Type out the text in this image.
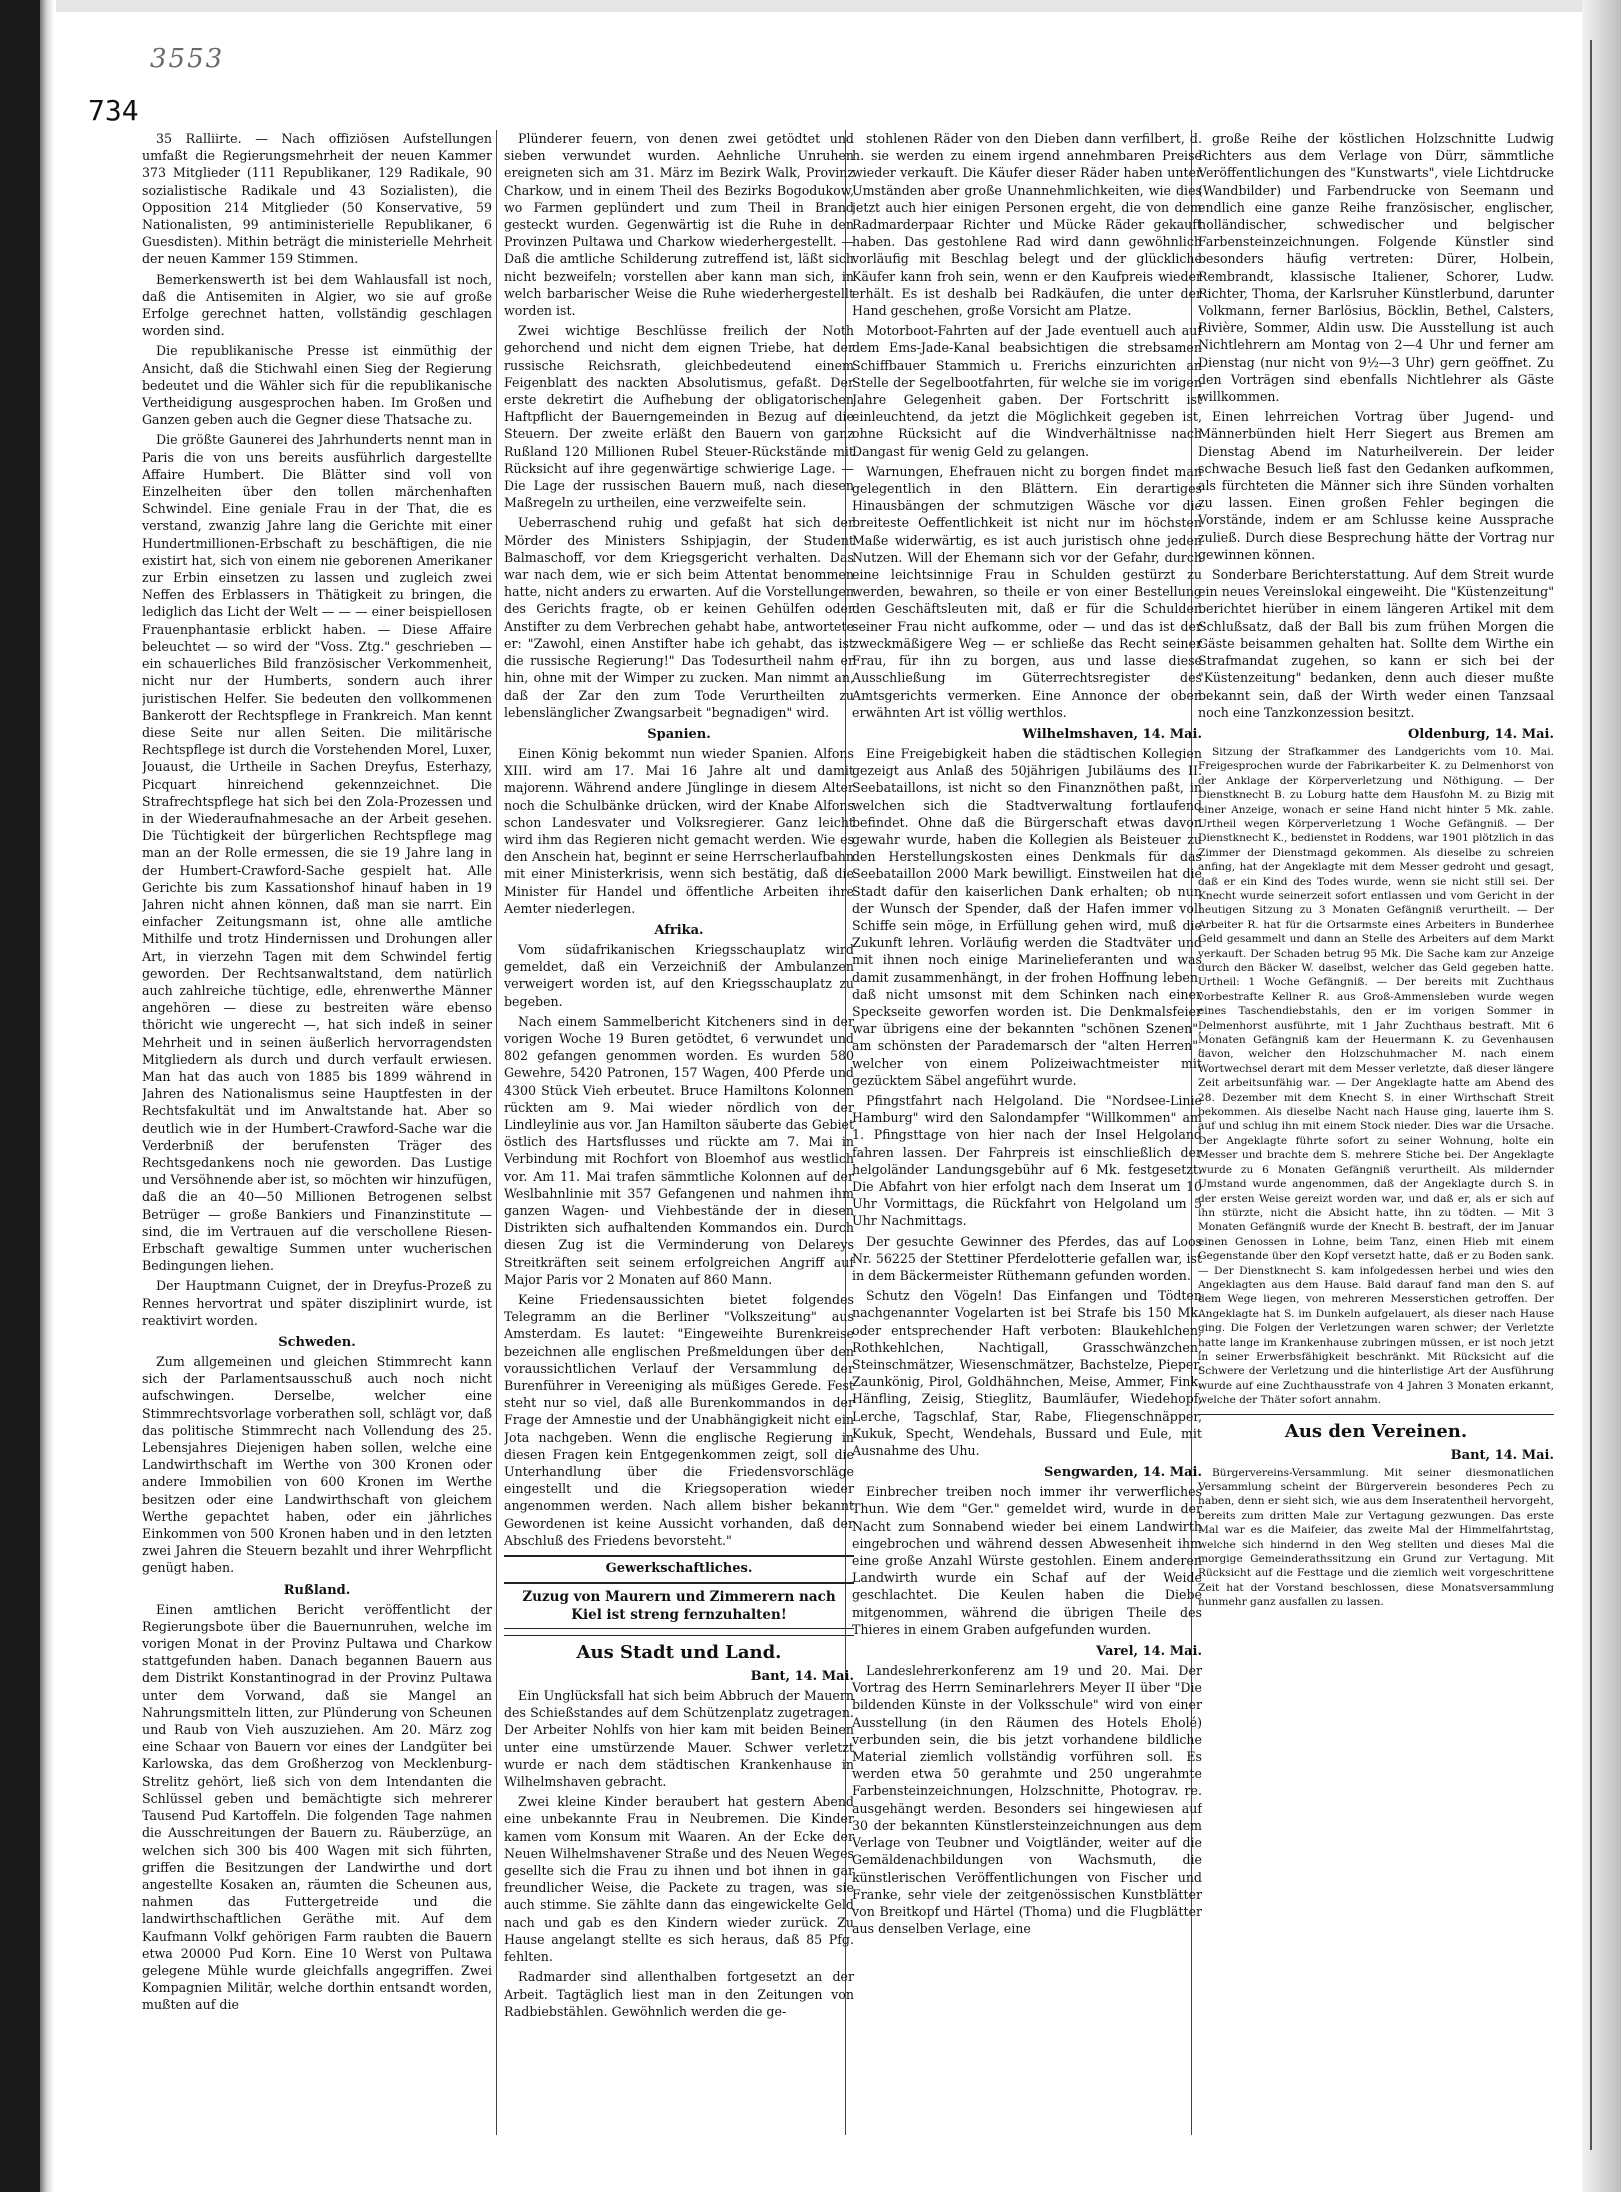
3553
734

35 Ralliirte. — Nach offiziösen Aufstellungen umfaßt die Regierungsmehrheit der neuen Kammer 373 Mitglieder (111 Republikaner, 129 Radikale, 90 sozialistische Radikale und 43 Sozialisten), die Opposition 214 Mitglieder (50 Konservative, 59 Nationalisten, 99 antiministerielle Republikaner, 6 Guesdisten). Mithin beträgt die ministerielle Mehrheit der neuen Kammer 159 Stimmen.

Bemerkenswerth ist bei dem Wahlausfall ist noch, daß die Antisemiten in Algier, wo sie auf große Erfolge gerechnet hatten, vollständig geschlagen worden sind.

Die republikanische Presse ist einmüthig der Ansicht, daß die Stichwahl einen Sieg der Regierung bedeutet und die Wähler sich für die republikanische Vertheidigung ausgesprochen haben. Im Großen und Ganzen geben auch die Gegner diese Thatsache zu.

Die größte Gaunerei des Jahrhunderts nennt man in Paris die von uns bereits ausführlich dargestellte Affaire Humbert. Die Blätter sind voll von Einzelheiten über den tollen märchenhaften Schwindel. Eine geniale Frau in der That, die es verstand, zwanzig Jahre lang die Gerichte mit einer Hundertmillionen-Erbschaft zu beschäftigen, die nie existirt hat, sich von einem nie geborenen Amerikaner zur Erbin einsetzen zu lassen und zugleich zwei Neffen des Erblassers in Thätigkeit zu bringen, die lediglich das Licht der Welt — — — einer beispiellosen Frauenphantasie erblickt haben. — Diese Affaire beleuchtet — so wird der "Voss. Ztg." geschrieben — ein schauerliches Bild französischer Verkommenheit, nicht nur der Humberts, sondern auch ihrer juristischen Helfer. Sie bedeuten den vollkommenen Bankerott der Rechtspflege in Frankreich. Man kennt diese Seite nur allen Seiten. Die militärische Rechtspflege ist durch die Vorstehenden Morel, Luxer, Jouaust, die Urtheile in Sachen Dreyfus, Esterhazy, Picquart hinreichend gekennzeichnet. Die Strafrechtspflege hat sich bei den Zola-Prozessen und in der Wiederaufnahmesache an der Arbeit gesehen. Die Tüchtigkeit der bürgerlichen Rechtspflege mag man an der Rolle ermessen, die sie 19 Jahre lang in der Humbert-Crawford-Sache gespielt hat. Alle Gerichte bis zum Kassationshof hinauf haben in 19 Jahren nicht ahnen können, daß man sie narrt. Ein einfacher Zeitungsmann ist, ohne alle amtliche Mithilfe und trotz Hindernissen und Drohungen aller Art, in vierzehn Tagen mit dem Schwindel fertig geworden. Der Rechtsanwaltstand, dem natürlich auch zahlreiche tüchtige, edle, ehrenwerthe Männer angehören — diese zu bestreiten wäre ebenso thöricht wie ungerecht —, hat sich indeß in seiner Mehrheit und in seinen äußerlich hervorragendsten Mitgliedern als durch und durch verfault erwiesen. Man hat das auch von 1885 bis 1899 während in Jahren des Nationalismus seine Hauptfesten in der Rechtsfakultät und im Anwaltstande hat. Aber so deutlich wie in der Humbert-Crawford-Sache war die Verderbniß der berufensten Träger des Rechtsgedankens noch nie geworden. Das Lustige und Versöhnende aber ist, so möchten wir hinzufügen, daß die an 40—50 Millionen Betrogenen selbst Betrüger — große Bankiers und Finanzinstitute — sind, die im Vertrauen auf die verschollene Riesen-Erbschaft gewaltige Summen unter wucherischen Bedingungen liehen.

Der Hauptmann Cuignet, der in Dreyfus-Prozeß zu Rennes hervortrat und später disziplinirt wurde, ist reaktivirt worden.

Schweden.

Zum allgemeinen und gleichen Stimmrecht kann sich der Parlamentsausschuß auch noch nicht aufschwingen. Derselbe, welcher eine Stimmrechtsvorlage vorberathen soll, schlägt vor, daß das politische Stimmrecht nach Vollendung des 25. Lebensjahres Diejenigen haben sollen, welche eine Landwirthschaft im Werthe von 300 Kronen oder andere Immobilien von 600 Kronen im Werthe besitzen oder eine Landwirthschaft von gleichem Werthe gepachtet haben, oder ein jährliches Einkommen von 500 Kronen haben und in den letzten zwei Jahren die Steuern bezahlt und ihrer Wehrpflicht genügt haben.

Rußland.

Einen amtlichen Bericht veröffentlicht der Regierungsbote über die Bauernunruhen, welche im vorigen Monat in der Provinz Pultawa und Charkow stattgefunden haben. Danach begannen Bauern aus dem Distrikt Konstantinograd in der Provinz Pultawa unter dem Vorwand, daß sie Mangel an Nahrungsmitteln litten, zur Plünderung von Scheunen und Raub von Vieh auszuziehen. Am 20. März zog eine Schaar von Bauern vor eines der Landgüter bei Karlowska, das dem Großherzog von Mecklenburg-Strelitz gehört, ließ sich von dem Intendanten die Schlüssel geben und bemächtigte sich mehrerer Tausend Pud Kartoffeln. Die folgenden Tage nahmen die Ausschreitungen der Bauern zu. Räuberzüge, an welchen sich 300 bis 400 Wagen mit sich führten, griffen die Besitzungen der Landwirthe und dort angestellte Kosaken an, räumten die Scheunen aus, nahmen das Futtergetreide und die landwirthschaftlichen Geräthe mit. Auf dem Kaufmann Volkf gehörigen Farm raubten die Bauern etwa 20000 Pud Korn. Eine 10 Werst von Pultawa gelegene Mühle wurde gleichfalls angegriffen. Zwei Kompagnien Militär, welche dorthin entsandt worden, mußten auf die

Plünderer feuern, von denen zwei getödtet und sieben verwundet wurden. Aehnliche Unruhen ereigneten sich am 31. März im Bezirk Walk, Provinz Charkow, und in einem Theil des Bezirks Bogodukow, wo Farmen geplündert und zum Theil in Brand gesteckt wurden. Gegenwärtig ist die Ruhe in den Provinzen Pultawa und Charkow wiederhergestellt. — Daß die amtliche Schilderung zutreffend ist, läßt sich nicht bezweifeln; vorstellen aber kann man sich, in welch barbarischer Weise die Ruhe wiederhergestellt worden ist.

Zwei wichtige Beschlüsse freilich der Noth gehorchend und nicht dem eignen Triebe, hat der russische Reichsrath, gleichbedeutend einem Feigenblatt des nackten Absolutismus, gefaßt. Der erste dekretirt die Aufhebung der obligatorischen Haftpflicht der Bauerngemeinden in Bezug auf die Steuern. Der zweite erläßt den Bauern von ganz Rußland 120 Millionen Rubel Steuer-Rückstände mit Rücksicht auf ihre gegenwärtige schwierige Lage. — Die Lage der russischen Bauern muß, nach diesen Maßregeln zu urtheilen, eine verzweifelte sein.

Ueberraschend ruhig und gefaßt hat sich der Mörder des Ministers Sshipjagin, der Student Balmaschoff, vor dem Kriegsgericht verhalten. Das war nach dem, wie er sich beim Attentat benommen hatte, nicht anders zu erwarten. Auf die Vorstellungen des Gerichts fragte, ob er keinen Gehülfen oder Anstifter zu dem Verbrechen gehabt habe, antwortete er: "Zawohl, einen Anstifter habe ich gehabt, das ist die russische Regierung!" Das Todesurtheil nahm er hin, ohne mit der Wimper zu zucken. Man nimmt an, daß der Zar den zum Tode Verurtheilten zu lebenslänglicher Zwangsarbeit "begnadigen" wird.

Spanien.

Einen König bekommt nun wieder Spanien. Alfons XIII. wird am 17. Mai 16 Jahre alt und damit majorenn. Während andere Jünglinge in diesem Alter noch die Schulbänke drücken, wird der Knabe Alfons schon Landesvater und Volksregierer. Ganz leicht wird ihm das Regieren nicht gemacht werden. Wie es den Anschein hat, beginnt er seine Herrscherlaufbahn mit einer Ministerkrisis, wenn sich bestätig, daß die Minister für Handel und öffentliche Arbeiten ihre Aemter niederlegen.

Afrika.

Vom südafrikanischen Kriegsschauplatz wird gemeldet, daß ein Verzeichniß der Ambulanzen verweigert worden ist, auf den Kriegsschauplatz zu begeben.

Nach einem Sammelbericht Kitcheners sind in der vorigen Woche 19 Buren getödtet, 6 verwundet und 802 gefangen genommen worden. Es wurden 580 Gewehre, 5420 Patronen, 157 Wagen, 400 Pferde und 4300 Stück Vieh erbeutet. Bruce Hamiltons Kolonnen rückten am 9. Mai wieder nördlich von der Lindleylinie aus vor. Jan Hamilton säuberte das Gebiet östlich des Hartsflusses und rückte am 7. Mai in Verbindung mit Rochfort von Bloemhof aus westlich vor. Am 11. Mai trafen sämmtliche Kolonnen auf der Weslbahnlinie mit 357 Gefangenen und nahmen ihm ganzen Wagen- und Viehbestände der in diesen Distrikten sich aufhaltenden Kommandos ein. Durch diesen Zug ist die Verminderung von Delareys Streitkräften seit seinem erfolgreichen Angriff auf Major Paris vor 2 Monaten auf 860 Mann.

Keine Friedensaussichten bietet folgendes Telegramm an die Berliner "Volkszeitung" aus Amsterdam. Es lautet: "Eingeweihte Burenkreise bezeichnen alle englischen Preßmeldungen über den voraussichtlichen Verlauf der Versammlung der Burenführer in Vereeniging als müßiges Gerede. Fest steht nur so viel, daß alle Burenkommandos in der Frage der Amnestie und der Unabhängigkeit nicht ein Jota nachgeben. Wenn die englische Regierung in diesen Fragen kein Entgegenkommen zeigt, soll die Unterhandlung über die Friedensvorschläge eingestellt und die Kriegsoperation wieder angenommen werden. Nach allem bisher bekannt Gewordenen ist keine Aussicht vorhanden, daß der Abschluß des Friedens bevorsteht."

Gewerkschaftliches.
Zuzug von Maurern und Zimmerern nach Kiel ist streng fernzuhalten!
Aus Stadt und Land.
Bant, 14. Mai.

Ein Unglücksfall hat sich beim Abbruch der Mauern des Schießstandes auf dem Schützenplatz zugetragen. Der Arbeiter Nohlfs von hier kam mit beiden Beinen unter eine umstürzende Mauer. Schwer verletzt wurde er nach dem städtischen Krankenhause in Wilhelmshaven gebracht.

Zwei kleine Kinder beraubert hat gestern Abend eine unbekannte Frau in Neubremen. Die Kinder kamen vom Konsum mit Waaren. An der Ecke der Neuen Wilhelmshavener Straße und des Neuen Weges gesellte sich die Frau zu ihnen und bot ihnen in gar freundlicher Weise, die Packete zu tragen, was sie auch stimme. Sie zählte dann das eingewickelte Geld nach und gab es den Kindern wieder zurück. Zu Hause angelangt stellte es sich heraus, daß 85 Pfg. fehlten.

Radmarder sind allenthalben fortgesetzt an der Arbeit. Tagtäglich liest man in den Zeitungen von Radbiebstählen. Gewöhnlich werden die ge-

stohlenen Räder von den Dieben dann verfilbert, d. h. sie werden zu einem irgend annehmbaren Preise wieder verkauft. Die Käufer dieser Räder haben unter Umständen aber große Unannehmlichkeiten, wie dies jetzt auch hier einigen Personen ergeht, die von dem Radmarderpaar Richter und Mücke Räder gekauft haben. Das gestohlene Rad wird dann gewöhnlich vorläufig mit Beschlag belegt und der glückliche Käufer kann froh sein, wenn er den Kaufpreis wieder erhält. Es ist deshalb bei Radkäufen, die unter der Hand geschehen, große Vorsicht am Platze.

Motorboot-Fahrten auf der Jade eventuell auch auf dem Ems-Jade-Kanal beabsichtigen die strebsamen Schiffbauer Stammich u. Frerichs einzurichten an Stelle der Segelbootfahrten, für welche sie im vorigen Jahre Gelegenheit gaben. Der Fortschritt ist einleuchtend, da jetzt die Möglichkeit gegeben ist, ohne Rücksicht auf die Windverhältnisse nach Dangast für wenig Geld zu gelangen.

Warnungen, Ehefrauen nicht zu borgen findet man gelegentlich in den Blättern. Ein derartiges Hinausbängen der schmutzigen Wäsche vor die breiteste Oeffentlichkeit ist nicht nur im höchsten Maße widerwärtig, es ist auch juristisch ohne jeden Nutzen. Will der Ehemann sich vor der Gefahr, durch eine leichtsinnige Frau in Schulden gestürzt zu werden, bewahren, so theile er von einer Bestellung den Geschäftsleuten mit, daß er für die Schulden seiner Frau nicht aufkomme, oder — und das ist der zweckmäßigere Weg — er schließe das Recht seiner Frau, für ihn zu borgen, aus und lasse diese Ausschließung im Güterrechtsregister des Amtsgerichts vermerken. Eine Annonce der oben erwähnten Art ist völlig werthlos.

Wilhelmshaven, 14. Mai.

Eine Freigebigkeit haben die städtischen Kollegien gezeigt aus Anlaß des 50jährigen Jubiläums des II. Seebataillons, ist nicht so den Finanznöthen paßt, in welchen sich die Stadtverwaltung fortlaufend befindet. Ohne daß die Bürgerschaft etwas davon gewahr wurde, haben die Kollegien als Beisteuer zu den Herstellungskosten eines Denkmals für das Seebataillon 2000 Mark bewilligt. Einstweilen hat die Stadt dafür den kaiserlichen Dank erhalten; ob nun der Wunsch der Spender, daß der Hafen immer voll Schiffe sein möge, in Erfüllung gehen wird, muß die Zukunft lehren. Vorläufig werden die Stadtväter und mit ihnen noch einige Marinelieferanten und was damit zusammenhängt, in der frohen Hoffnung leben, daß nicht umsonst mit dem Schinken nach einer Speckseite geworfen worden ist. Die Denkmalsfeier war übrigens eine der bekannten "schönen Szenen", am schönsten der Parademarsch der "alten Herren", welcher von einem Polizeiwachtmeister mit gezücktem Säbel angeführt wurde.

Pfingstfahrt nach Helgoland. Die "Nordsee-Linie Hamburg" wird den Salondampfer "Willkommen" am 1. Pfingsttage von hier nach der Insel Helgoland fahren lassen. Der Fahrpreis ist einschließlich der helgoländer Landungsgebühr auf 6 Mk. festgesetzt. Die Abfahrt von hier erfolgt nach dem Inserat um 10 Uhr Vormittags, die Rückfahrt von Helgoland um 5 Uhr Nachmittags.

Der gesuchte Gewinner des Pferdes, das auf Loos Nr. 56225 der Stettiner Pferdelotterie gefallen war, ist in dem Bäckermeister Rüthemann gefunden worden.

Schutz den Vögeln! Das Einfangen und Tödten nachgenannter Vogelarten ist bei Strafe bis 150 Mk. oder entsprechender Haft verboten: Blaukehlchen, Rothkehlchen, Nachtigall, Grasschwänzchen, Steinschmätzer, Wiesenschmätzer, Bachstelze, Pieper, Zaunkönig, Pirol, Goldhähnchen, Meise, Ammer, Fink, Hänfling, Zeisig, Stieglitz, Baumläufer, Wiedehopf, Lerche, Tagschlaf, Star, Rabe, Fliegenschnäpper, Kukuk, Specht, Wendehals, Bussard und Eule, mit Ausnahme des Uhu.

Sengwarden, 14. Mai.

Einbrecher treiben noch immer ihr verwerfliches Thun. Wie dem "Ger." gemeldet wird, wurde in der Nacht zum Sonnabend wieder bei einem Landwirth eingebrochen und während dessen Abwesenheit ihm eine große Anzahl Würste gestohlen. Einem anderen Landwirth wurde ein Schaf auf der Weide geschlachtet. Die Keulen haben die Diebe mitgenommen, während die übrigen Theile des Thieres in einem Graben aufgefunden wurden.

Varel, 14. Mai.

Landeslehrerkonferenz am 19 und 20. Mai. Der Vortrag des Herrn Seminarlehrers Meyer II über "Die bildenden Künste in der Volksschule" wird von einer Ausstellung (in den Räumen des Hotels Eholé) verbunden sein, die bis jetzt vorhandene bildliche Material ziemlich vollständig vorführen soll. Es werden etwa 50 gerahmte und 250 ungerahmte Farbensteinzeichnungen, Holzschnitte, Photograv. re. ausgehängt werden. Besonders sei hingewiesen auf 30 der bekannten Künstlersteinzeichnungen aus dem Verlage von Teubner und Voigtländer, weiter auf die Gemäldenachbildungen von Wachsmuth, die künstlerischen Veröffentlichungen von Fischer und Franke, sehr viele der zeitgenössischen Kunstblätter von Breitkopf und Härtel (Thoma) und die Flugblätter aus denselben Verlage, eine

große Reihe der köstlichen Holzschnitte Ludwig Richters aus dem Verlage von Dürr, sämmtliche Veröffentlichungen des "Kunstwarts", viele Lichtdrucke (Wandbilder) und Farbendrucke von Seemann und endlich eine ganze Reihe französischer, englischer, holländischer, schwedischer und belgischer Farbensteinzeichnungen. Folgende Künstler sind besonders häufig vertreten: Dürer, Holbein, Rembrandt, klassische Italiener, Schorer, Ludw. Richter, Thoma, der Karlsruher Künstlerbund, darunter Volkmann, ferner Barlösius, Böcklin, Bethel, Calsters, Rivière, Sommer, Aldin usw. Die Ausstellung ist auch Nichtlehrern am Montag von 2—4 Uhr und ferner am Dienstag (nur nicht von 9½—3 Uhr) gern geöffnet. Zu den Vorträgen sind ebenfalls Nichtlehrer als Gäste willkommen.

Einen lehrreichen Vortrag über Jugend- und Männerbünden hielt Herr Siegert aus Bremen am Dienstag Abend im Naturheilverein. Der leider schwache Besuch ließ fast den Gedanken aufkommen, als fürchteten die Männer sich ihre Sünden vorhalten zu lassen. Einen großen Fehler begingen die Vorstände, indem er am Schlusse keine Aussprache zuließ. Durch diese Besprechung hätte der Vortrag nur gewinnen können.

Sonderbare Berichterstattung. Auf dem Streit wurde ein neues Vereinslokal eingeweiht. Die "Küstenzeitung" berichtet hierüber in einem längeren Artikel mit dem Schlußsatz, daß der Ball bis zum frühen Morgen die Gäste beisammen gehalten hat. Sollte dem Wirthe ein Strafmandat zugehen, so kann er sich bei der "Küstenzeitung" bedanken, denn auch dieser mußte bekannt sein, daß der Wirth weder einen Tanzsaal noch eine Tanzkonzession besitzt.

Oldenburg, 14. Mai.

Sitzung der Strafkammer des Landgerichts vom 10. Mai. Freigesprochen wurde der Fabrikarbeiter K. zu Delmenhorst von der Anklage der Körperverletzung und Nöthigung. — Der Dienstknecht B. zu Loburg hatte dem Hausfohn M. zu Bizig mit einer Anzeige, wonach er seine Hand nicht hinter 5 Mk. zahle. Urtheil wegen Körperverletzung 1 Woche Gefängniß. — Der Dienstknecht K., bedienstet in Roddens, war 1901 plötzlich in das Zimmer der Dienstmagd gekommen. Als dieselbe zu schreien anfing, hat der Angeklagte mit dem Messer gedroht und gesagt, daß er ein Kind des Todes wurde, wenn sie nicht still sei. Der Knecht wurde seinerzeit sofort entlassen und vom Gericht in der heutigen Sitzung zu 3 Monaten Gefängniß verurtheilt. — Der Arbeiter R. hat für die Ortsarmste eines Arbeiters in Bunderhee Geld gesammelt und dann an Stelle des Arbeiters auf dem Markt verkauft. Der Schaden betrug 95 Mk. Die Sache kam zur Anzeige durch den Bäcker W. daselbst, welcher das Geld gegeben hatte. Urtheil: 1 Woche Gefängniß. — Der bereits mit Zuchthaus vorbestrafte Kellner R. aus Groß-Ammensleben wurde wegen eines Taschendiebstahls, den er im vorigen Sommer in Delmenhorst ausführte, mit 1 Jahr Zuchthaus bestraft. Mit 6 Monaten Gefängniß kam der Heuermann K. zu Gevenhausen davon, welcher den Holzschuhmacher M. nach einem Wortwechsel derart mit dem Messer verletzte, daß dieser längere Zeit arbeitsunfähig war. — Der Angeklagte hatte am Abend des 28. Dezember mit dem Knecht S. in einer Wirthschaft Streit bekommen. Als dieselbe Nacht nach Hause ging, lauerte ihm S. auf und schlug ihn mit einem Stock nieder. Dies war die Ursache. Der Angeklagte führte sofort zu seiner Wohnung, holte ein Messer und brachte dem S. mehrere Stiche bei. Der Angeklagte wurde zu 6 Monaten Gefängniß verurtheilt. Als mildernder Umstand wurde angenommen, daß der Angeklagte durch S. in der ersten Weise gereizt worden war, und daß er, als er sich auf ihn stürzte, nicht die Absicht hatte, ihn zu tödten. — Mit 3 Monaten Gefängniß wurde der Knecht B. bestraft, der im Januar einen Genossen in Lohne, beim Tanz, einen Hieb mit einem Gegenstande über den Kopf versetzt hatte, daß er zu Boden sank. — Der Dienstknecht S. kam infolgedessen herbei und wies den Angeklagten aus dem Hause. Bald darauf fand man den S. auf dem Wege liegen, von mehreren Messerstichen getroffen. Der Angeklagte hat S. im Dunkeln aufgelauert, als dieser nach Hause ging. Die Folgen der Verletzungen waren schwer; der Verletzte hatte lange im Krankenhause zubringen müssen, er ist noch jetzt in seiner Erwerbsfähigkeit beschränkt. Mit Rücksicht auf die Schwere der Verletzung und die hinterlistige Art der Ausführung wurde auf eine Zuchthausstrafe von 4 Jahren 3 Monaten erkannt, welche der Thäter sofort annahm.

Aus den Vereinen.
Bant, 14. Mai.

Bürgervereins-Versammlung. Mit seiner diesmonatlichen Versammlung scheint der Bürgerverein besonderes Pech zu haben, denn er sieht sich, wie aus dem Inseratentheil hervorgeht, bereits zum dritten Male zur Vertagung gezwungen. Das erste Mal war es die Maifeier, das zweite Mal der Himmelfahrtstag, welche sich hindernd in den Weg stellten und dieses Mal die morgige Gemeinderathssitzung ein Grund zur Vertagung. Mit Rücksicht auf die Festtage und die ziemlich weit vorgeschrittene Zeit hat der Vorstand beschlossen, diese Monatsversammlung nunmehr ganz ausfallen zu lassen.
